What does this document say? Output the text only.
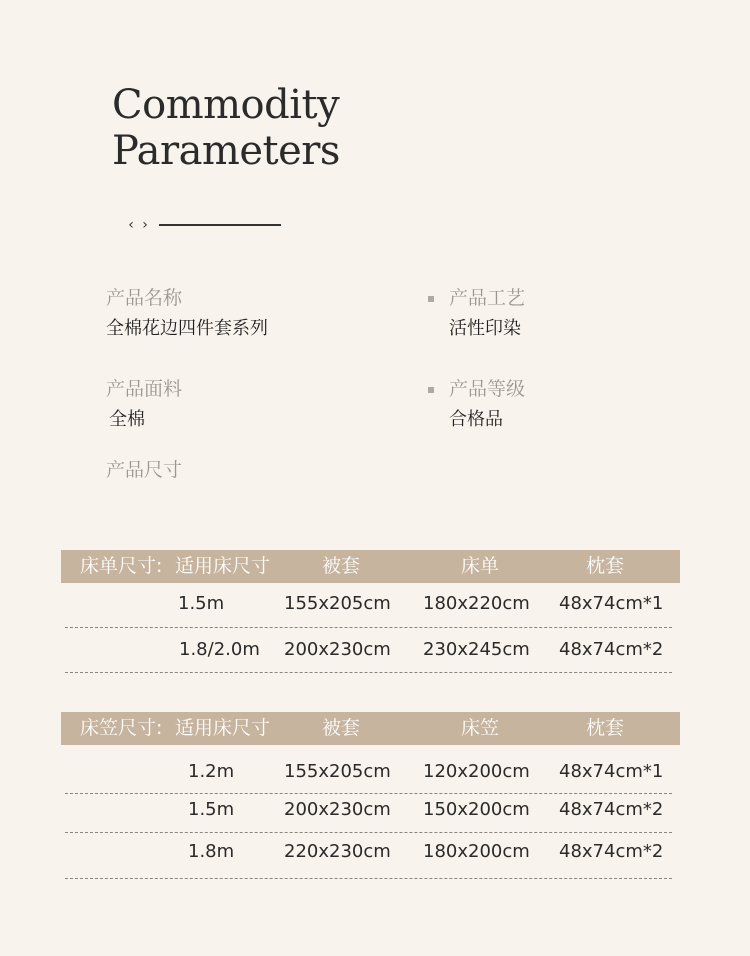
Commodity
Parameters
‹ ›
产品名称
全棉花边四件套系列
产品工艺
活性印染
产品面料
全棉
产品等级
合格品
产品尺寸
床单尺寸: 适用床尺寸	被套	床单	枕套
1.5m	155x205cm 180x220cm 48x74cm*1
1.8/2.0m 200x230cm 230x245cm 48x74cm*2
床笠尺寸: 适用床尺寸	被套	床笠	枕套
1.2m	155x205cm 120x200cm 48x74cm*1
1.5m	200x230cm 150x200cm 48x74cm*2
1.8m	220x230cm 180x200cm 48x74cm*2
